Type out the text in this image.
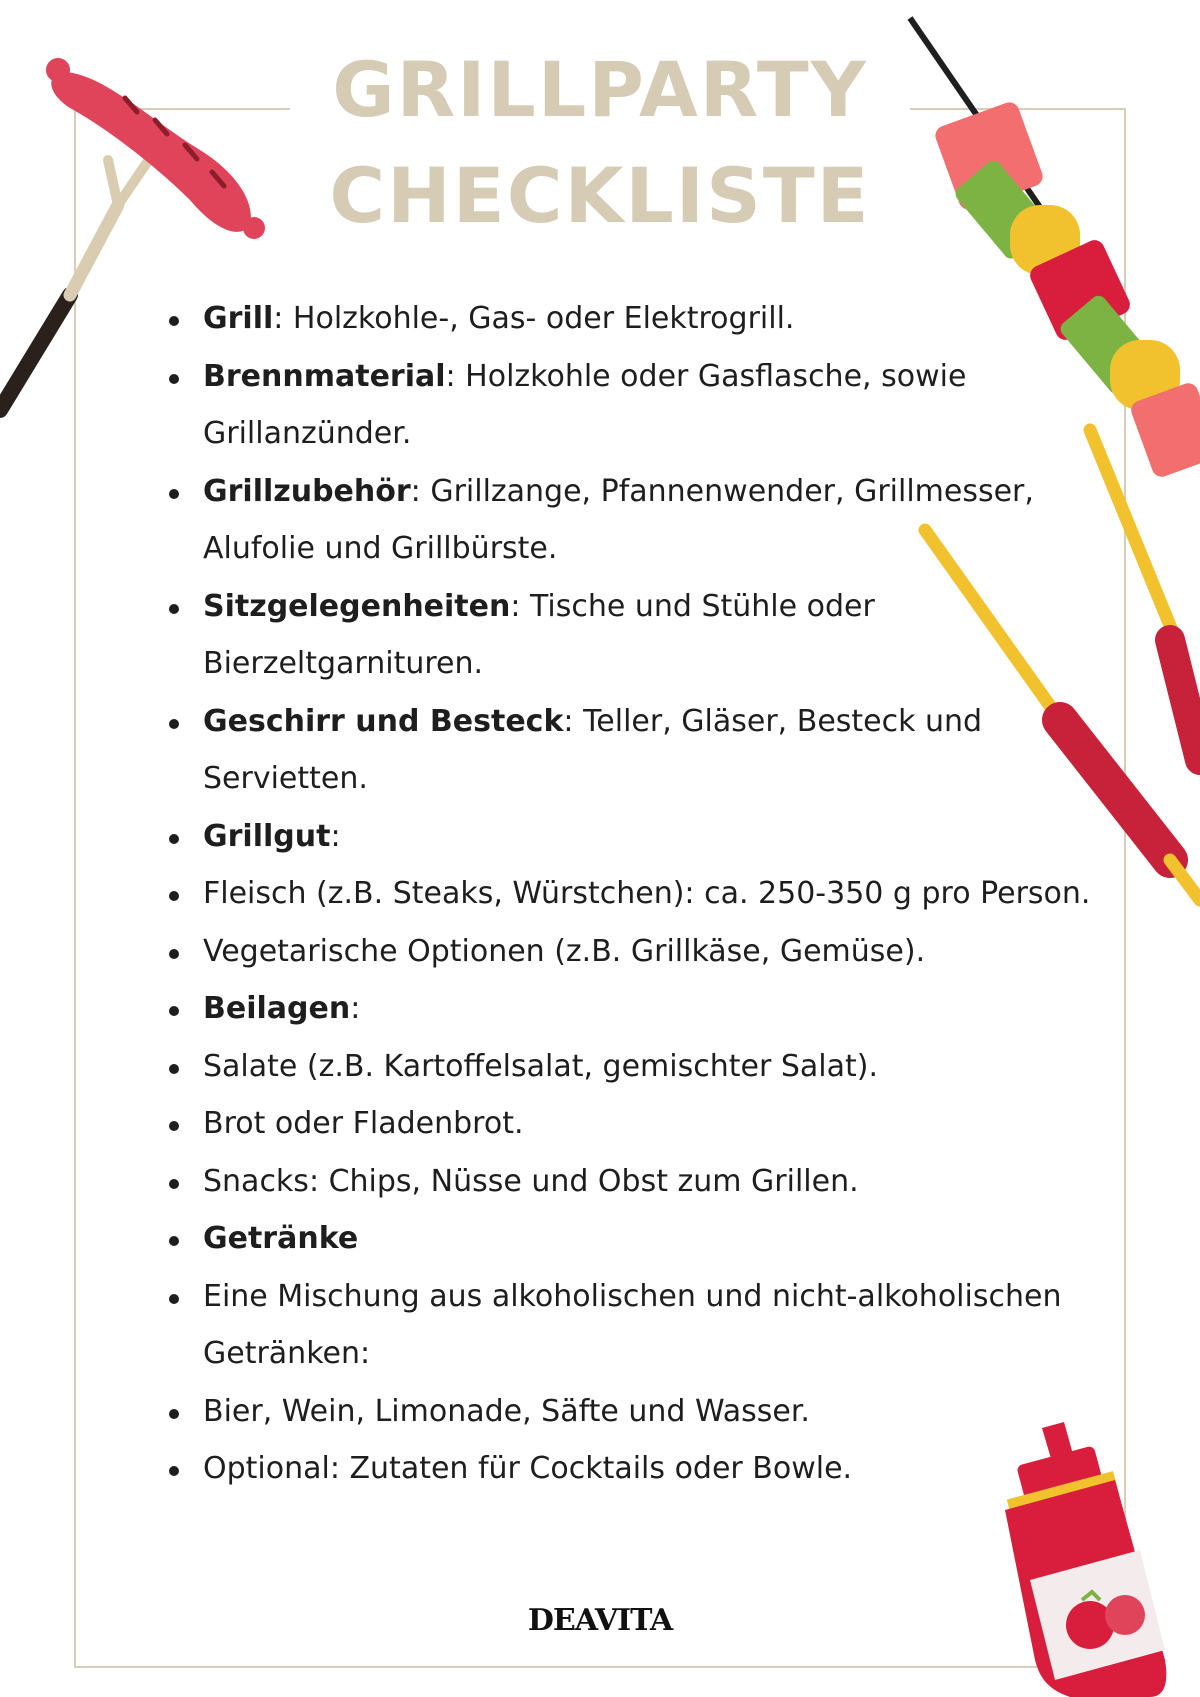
GRILLPARTY
CHECKLISTE
Grill: Holzkohle-, Gas- oder Elektrogrill.
Brennmaterial: Holzkohle oder Gasflasche, sowie Grillanzünder.
Grillzubehör: Grillzange, Pfannenwender, Grillmesser, Alufolie und Grillbürste.
Sitzgelegenheiten: Tische und Stühle oder Bierzeltgarnituren.
Geschirr und Besteck: Teller, Gläser, Besteck und Servietten.
Grillgut:
Fleisch (z.B. Steaks, Würstchen): ca. 250-350 g pro Person.
Vegetarische Optionen (z.B. Grillkäse, Gemüse).
Beilagen:
Salate (z.B. Kartoffelsalat, gemischter Salat).
Brot oder Fladenbrot.
Snacks: Chips, Nüsse und Obst zum Grillen.
Getränke
Eine Mischung aus alkoholischen und nicht-alkoholischen Getränken:
Bier, Wein, Limonade, Säfte und Wasser.
Optional: Zutaten für Cocktails oder Bowle.
DEAVITA
